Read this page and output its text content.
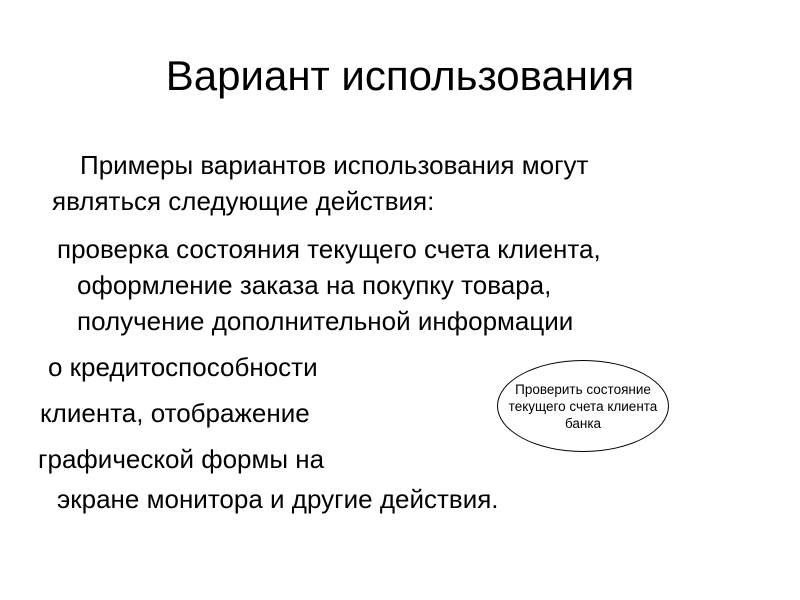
Вариант использования
Примеры вариантов использования могут
являться следующие действия:
проверка состояния текущего счета клиента,
оформление заказа на покупку товара,
получение дополнительной информации
о кредитоспособности
клиента, отображение
графической формы на
экране монитора и другие действия.
Проверить состояние
текущего счета клиента
банка
